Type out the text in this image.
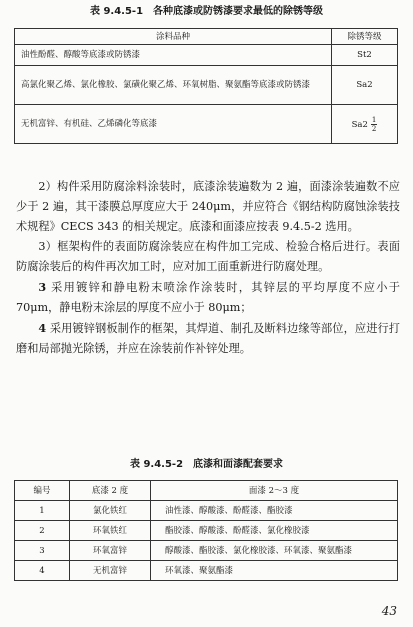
表 9.4.5-1 各种底漆或防锈漆要求最低的除锈等级
涂料品种	除锈等级
油性酚醛、醇酸等底漆或防锈漆	St2
高氯化聚乙烯、氯化橡胶、氯磺化聚乙烯、环氧树脂、聚氨酯等底漆或防锈漆	Sa2
无机富锌、有机硅、乙烯磷化等底漆	$Sa2 \frac{1}{2}$

2）构件采用防腐涂料涂装时，底漆涂装遍数为 2 遍，面漆涂装遍数不应少于 2 遍，其干漆膜总厚度应大于 240μm，并应符合《钢结构防腐蚀涂装技术规程》CECS 343 的相关规定。底漆和面漆应按表 9.4.5-2 选用。

3）框架构件的表面防腐涂装应在构件加工完成、检验合格后进行。表面防腐涂装后的构件再次加工时，应对加工面重新进行防腐处理。

3 采用镀锌和静电粉末喷涂作涂装时，其锌层的平均厚度不应小于 70μm，静电粉末涂层的厚度不应小于 80μm；

4 采用镀锌钢板制作的框架，其焊道、制孔及断料边缘等部位，应进行打磨和局部抛光除锈，并应在涂装前作补锌处理。

表 9.4.5-2 底漆和面漆配套要求
编号	底漆 2 度	面漆 2～3 度
1	氯化铁红	油性漆、醇酸漆、酚醛漆、酯胶漆
2	环氧铁红	酯胶漆、醇酸漆、酚醛漆、氯化橡胶漆
3	环氧富锌	醇酸漆、酯胶漆、氯化橡胶漆、环氧漆、聚氨酯漆
4	无机富锌	环氧漆、聚氨酯漆
43
